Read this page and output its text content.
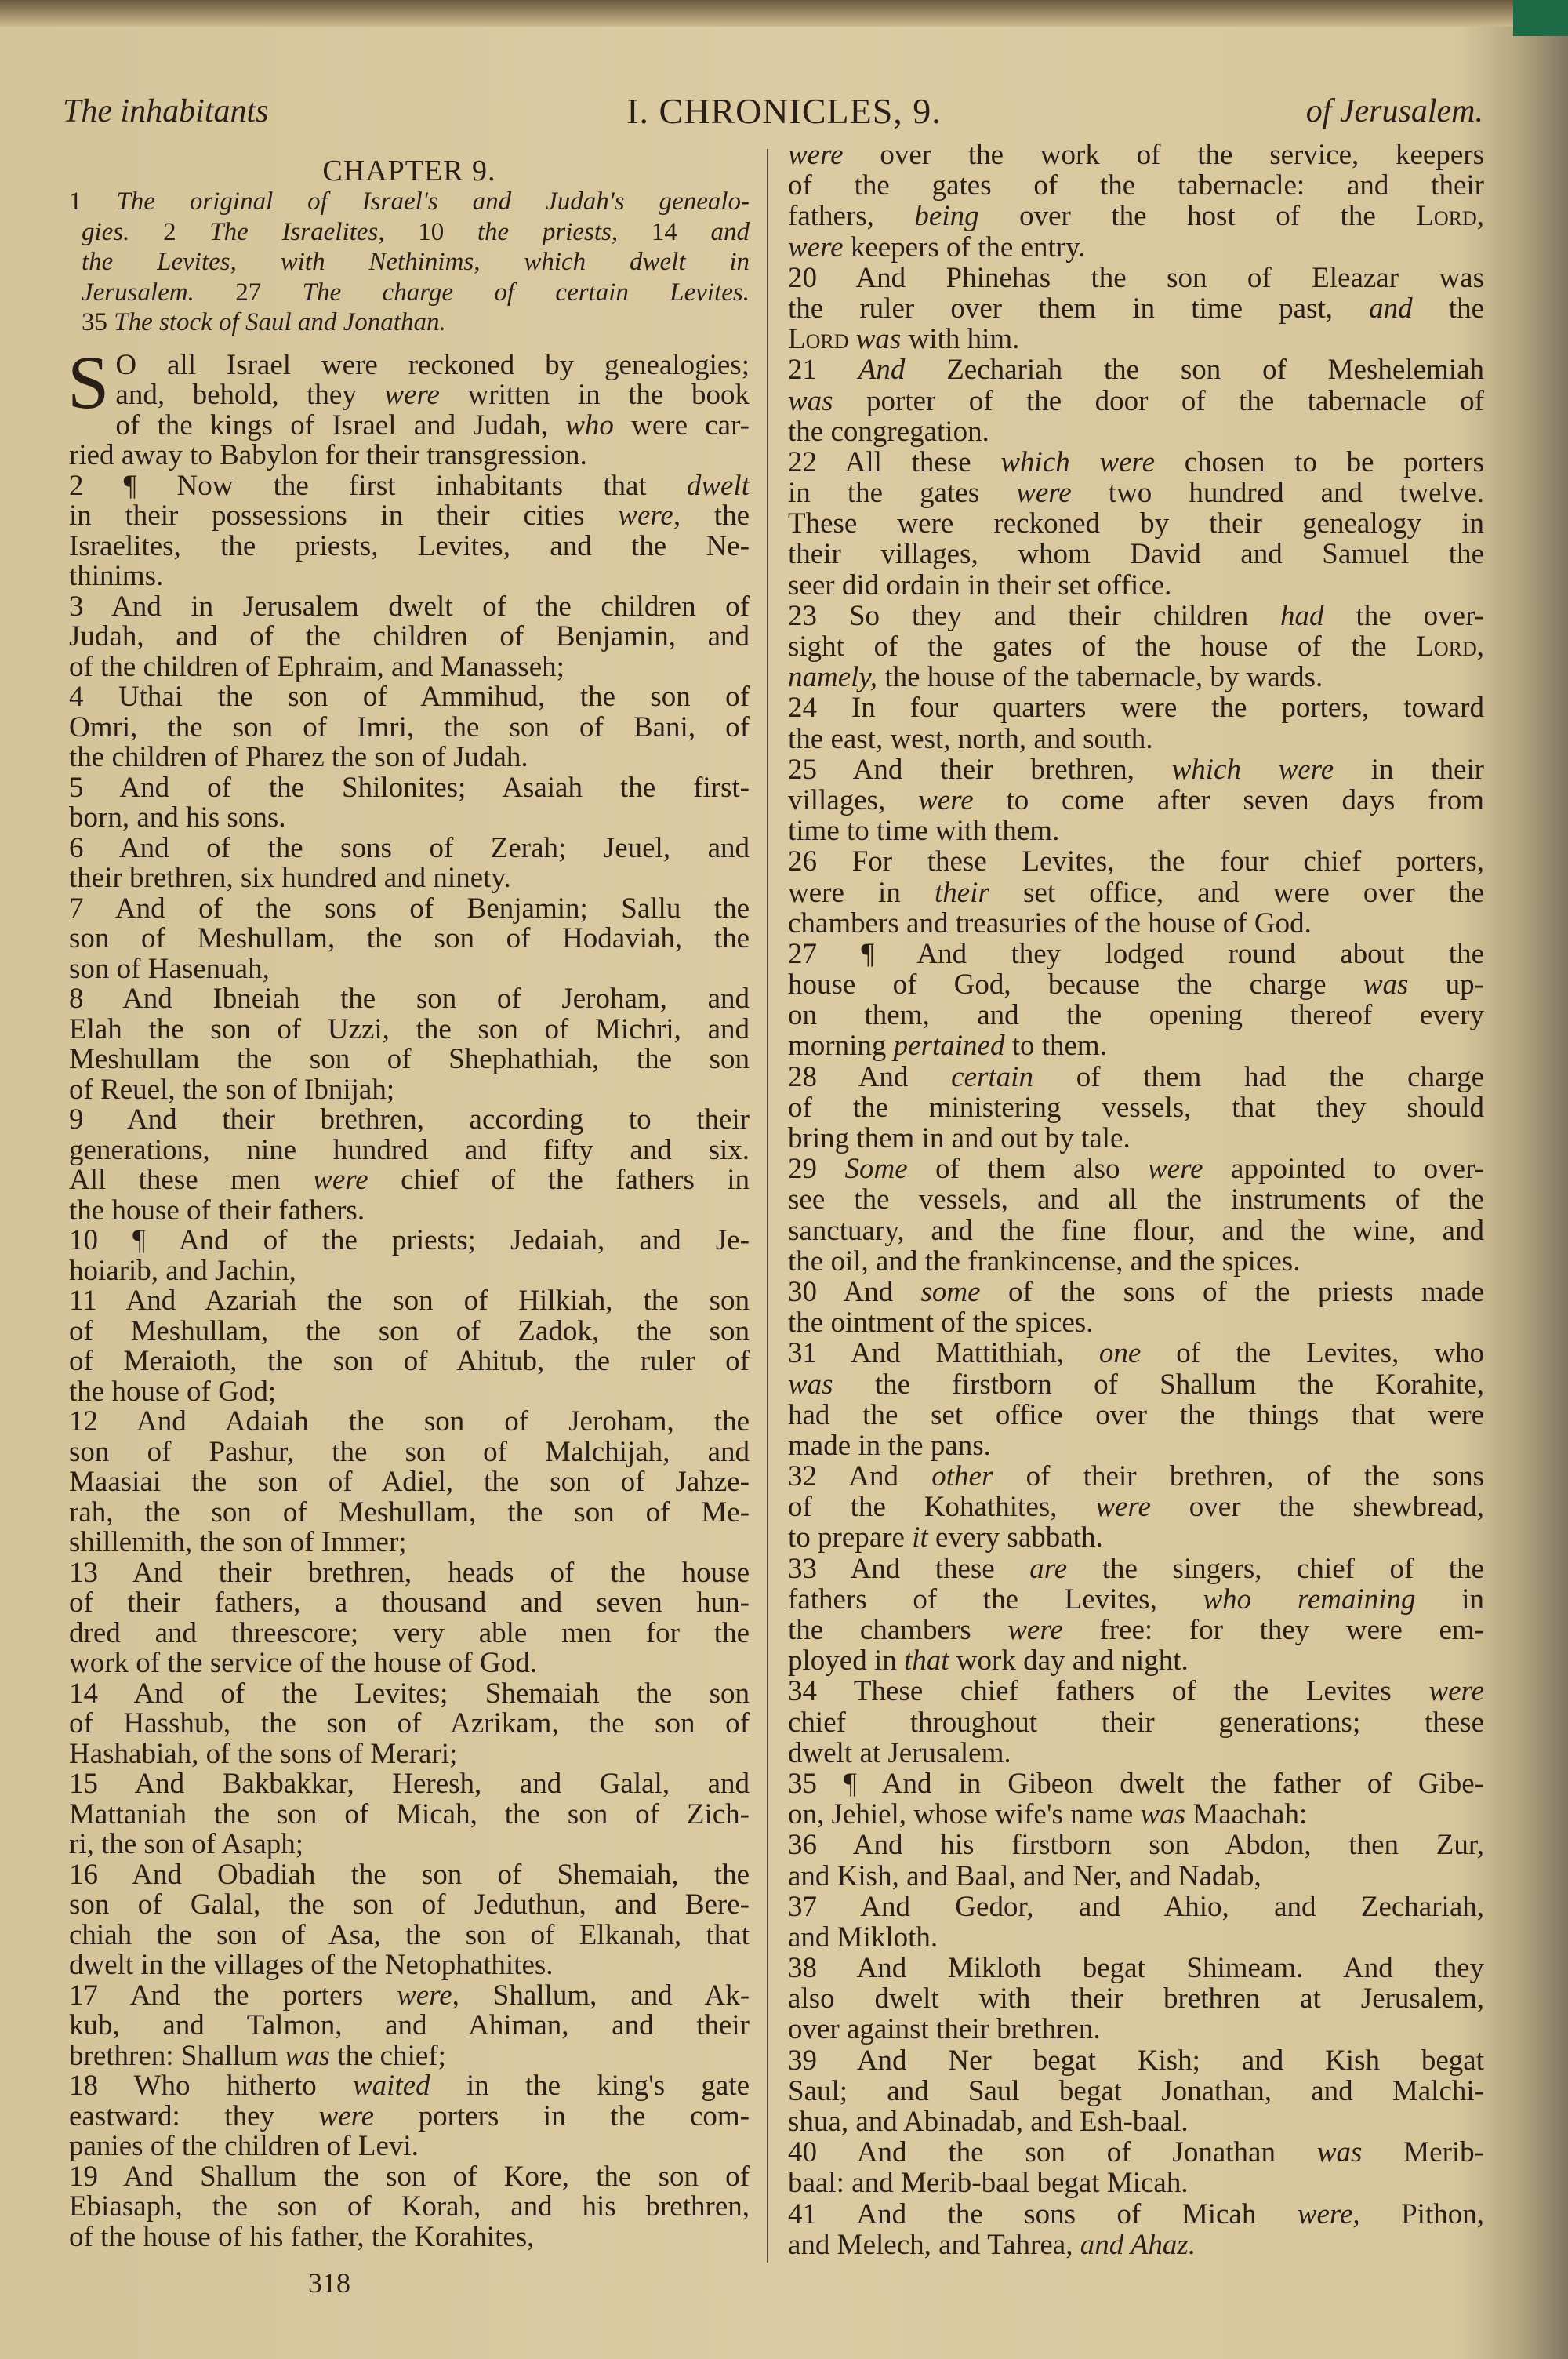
The inhabitants	I. CHRONICLES, 9.	of Jerusalem.
CHAPTER 9.
1 The original of Israel's and Judah's genealo-
gies. 2 The Israelites, 10 the priests, 14 and
the Levites, with Nethinims, which dwelt in
Jerusalem. 27 The charge of certain Levites.
35 The stock of Saul and Jonathan.
S O all Israel were reckoned by genealogies;
and, behold, they were written in the book
of the kings of Israel and Judah, who were car-
ried away to Babylon for their transgression.
2 ¶ Now the first inhabitants that dwelt
in their possessions in their cities were, the
Israelites, the priests, Levites, and the Ne-
thinims.
3 And in Jerusalem dwelt of the children of
Judah, and of the children of Benjamin, and
of the children of Ephraim, and Manasseh;
4 Uthai the son of Ammihud, the son of
Omri, the son of Imri, the son of Bani, of
the children of Pharez the son of Judah.
5 And of the Shilonites; Asaiah the first-
born, and his sons.
6 And of the sons of Zerah; Jeuel, and
their brethren, six hundred and ninety.
7 And of the sons of Benjamin; Sallu the
son of Meshullam, the son of Hodaviah, the
son of Hasenuah,
8 And Ibneiah the son of Jeroham, and
Elah the son of Uzzi, the son of Michri, and
Meshullam the son of Shephathiah, the son
of Reuel, the son of Ibnijah;
9 And their brethren, according to their
generations, nine hundred and fifty and six.
All these men were chief of the fathers in
the house of their fathers.
10 ¶ And of the priests; Jedaiah, and Je-
hoiarib, and Jachin,
11 And Azariah the son of Hilkiah, the son
of Meshullam, the son of Zadok, the son
of Meraioth, the son of Ahitub, the ruler of
the house of God;
12 And Adaiah the son of Jeroham, the
son of Pashur, the son of Malchijah, and
Maasiai the son of Adiel, the son of Jahze-
rah, the son of Meshullam, the son of Me-
shillemith, the son of Immer;
13 And their brethren, heads of the house
of their fathers, a thousand and seven hun-
dred and threescore; very able men for the
work of the service of the house of God.
14 And of the Levites; Shemaiah the son
of Hasshub, the son of Azrikam, the son of
Hashabiah, of the sons of Merari;
15 And Bakbakkar, Heresh, and Galal, and
Mattaniah the son of Micah, the son of Zich-
ri, the son of Asaph;
16 And Obadiah the son of Shemaiah, the
son of Galal, the son of Jeduthun, and Bere-
chiah the son of Asa, the son of Elkanah, that
dwelt in the villages of the Netophathites.
17 And the porters were, Shallum, and Ak-
kub, and Talmon, and Ahiman, and their
brethren: Shallum was the chief;
18 Who hitherto waited in the king's gate
eastward: they were porters in the com-
panies of the children of Levi.
19 And Shallum the son of Kore, the son of
Ebiasaph, the son of Korah, and his brethren,
of the house of his father, the Korahites,
were over the work of the service, keepers
of the gates of the tabernacle: and their
fathers, being over the host of the Lord,
were keepers of the entry.
20 And Phinehas the son of Eleazar was
the ruler over them in time past, and the
Lord was with him.
21 And Zechariah the son of Meshelemiah
was porter of the door of the tabernacle of
the congregation.
22 All these which were chosen to be porters
in the gates were two hundred and twelve.
These were reckoned by their genealogy in
their villages, whom David and Samuel the
seer did ordain in their set office.
23 So they and their children had the over-
sight of the gates of the house of the Lord,
namely, the house of the tabernacle, by wards.
24 In four quarters were the porters, toward
the east, west, north, and south.
25 And their brethren, which were in their
villages, were to come after seven days from
time to time with them.
26 For these Levites, the four chief porters,
were in their set office, and were over the
chambers and treasuries of the house of God.
27 ¶ And they lodged round about the
house of God, because the charge was up-
on them, and the opening thereof every
morning pertained to them.
28 And certain of them had the charge
of the ministering vessels, that they should
bring them in and out by tale.
29 Some of them also were appointed to over-
see the vessels, and all the instruments of the
sanctuary, and the fine flour, and the wine, and
the oil, and the frankincense, and the spices.
30 And some of the sons of the priests made
the ointment of the spices.
31 And Mattithiah, one of the Levites, who
was the firstborn of Shallum the Korahite,
had the set office over the things that were
made in the pans.
32 And other of their brethren, of the sons
of the Kohathites, were over the shewbread,
to prepare it every sabbath.
33 And these are the singers, chief of the
fathers of the Levites, who remaining in
the chambers were free: for they were em-
ployed in that work day and night.
34 These chief fathers of the Levites were
chief throughout their generations; these
dwelt at Jerusalem.
35 ¶ And in Gibeon dwelt the father of Gibe-
on, Jehiel, whose wife's name was Maachah:
36 And his firstborn son Abdon, then Zur,
and Kish, and Baal, and Ner, and Nadab,
37 And Gedor, and Ahio, and Zechariah,
and Mikloth.
38 And Mikloth begat Shimeam. And they
also dwelt with their brethren at Jerusalem,
over against their brethren.
39 And Ner begat Kish; and Kish begat
Saul; and Saul begat Jonathan, and Malchi-
shua, and Abinadab, and Esh-baal.
40 And the son of Jonathan was Merib-
baal: and Merib-baal begat Micah.
41 And the sons of Micah were, Pithon,
and Melech, and Tahrea, and Ahaz.
318
